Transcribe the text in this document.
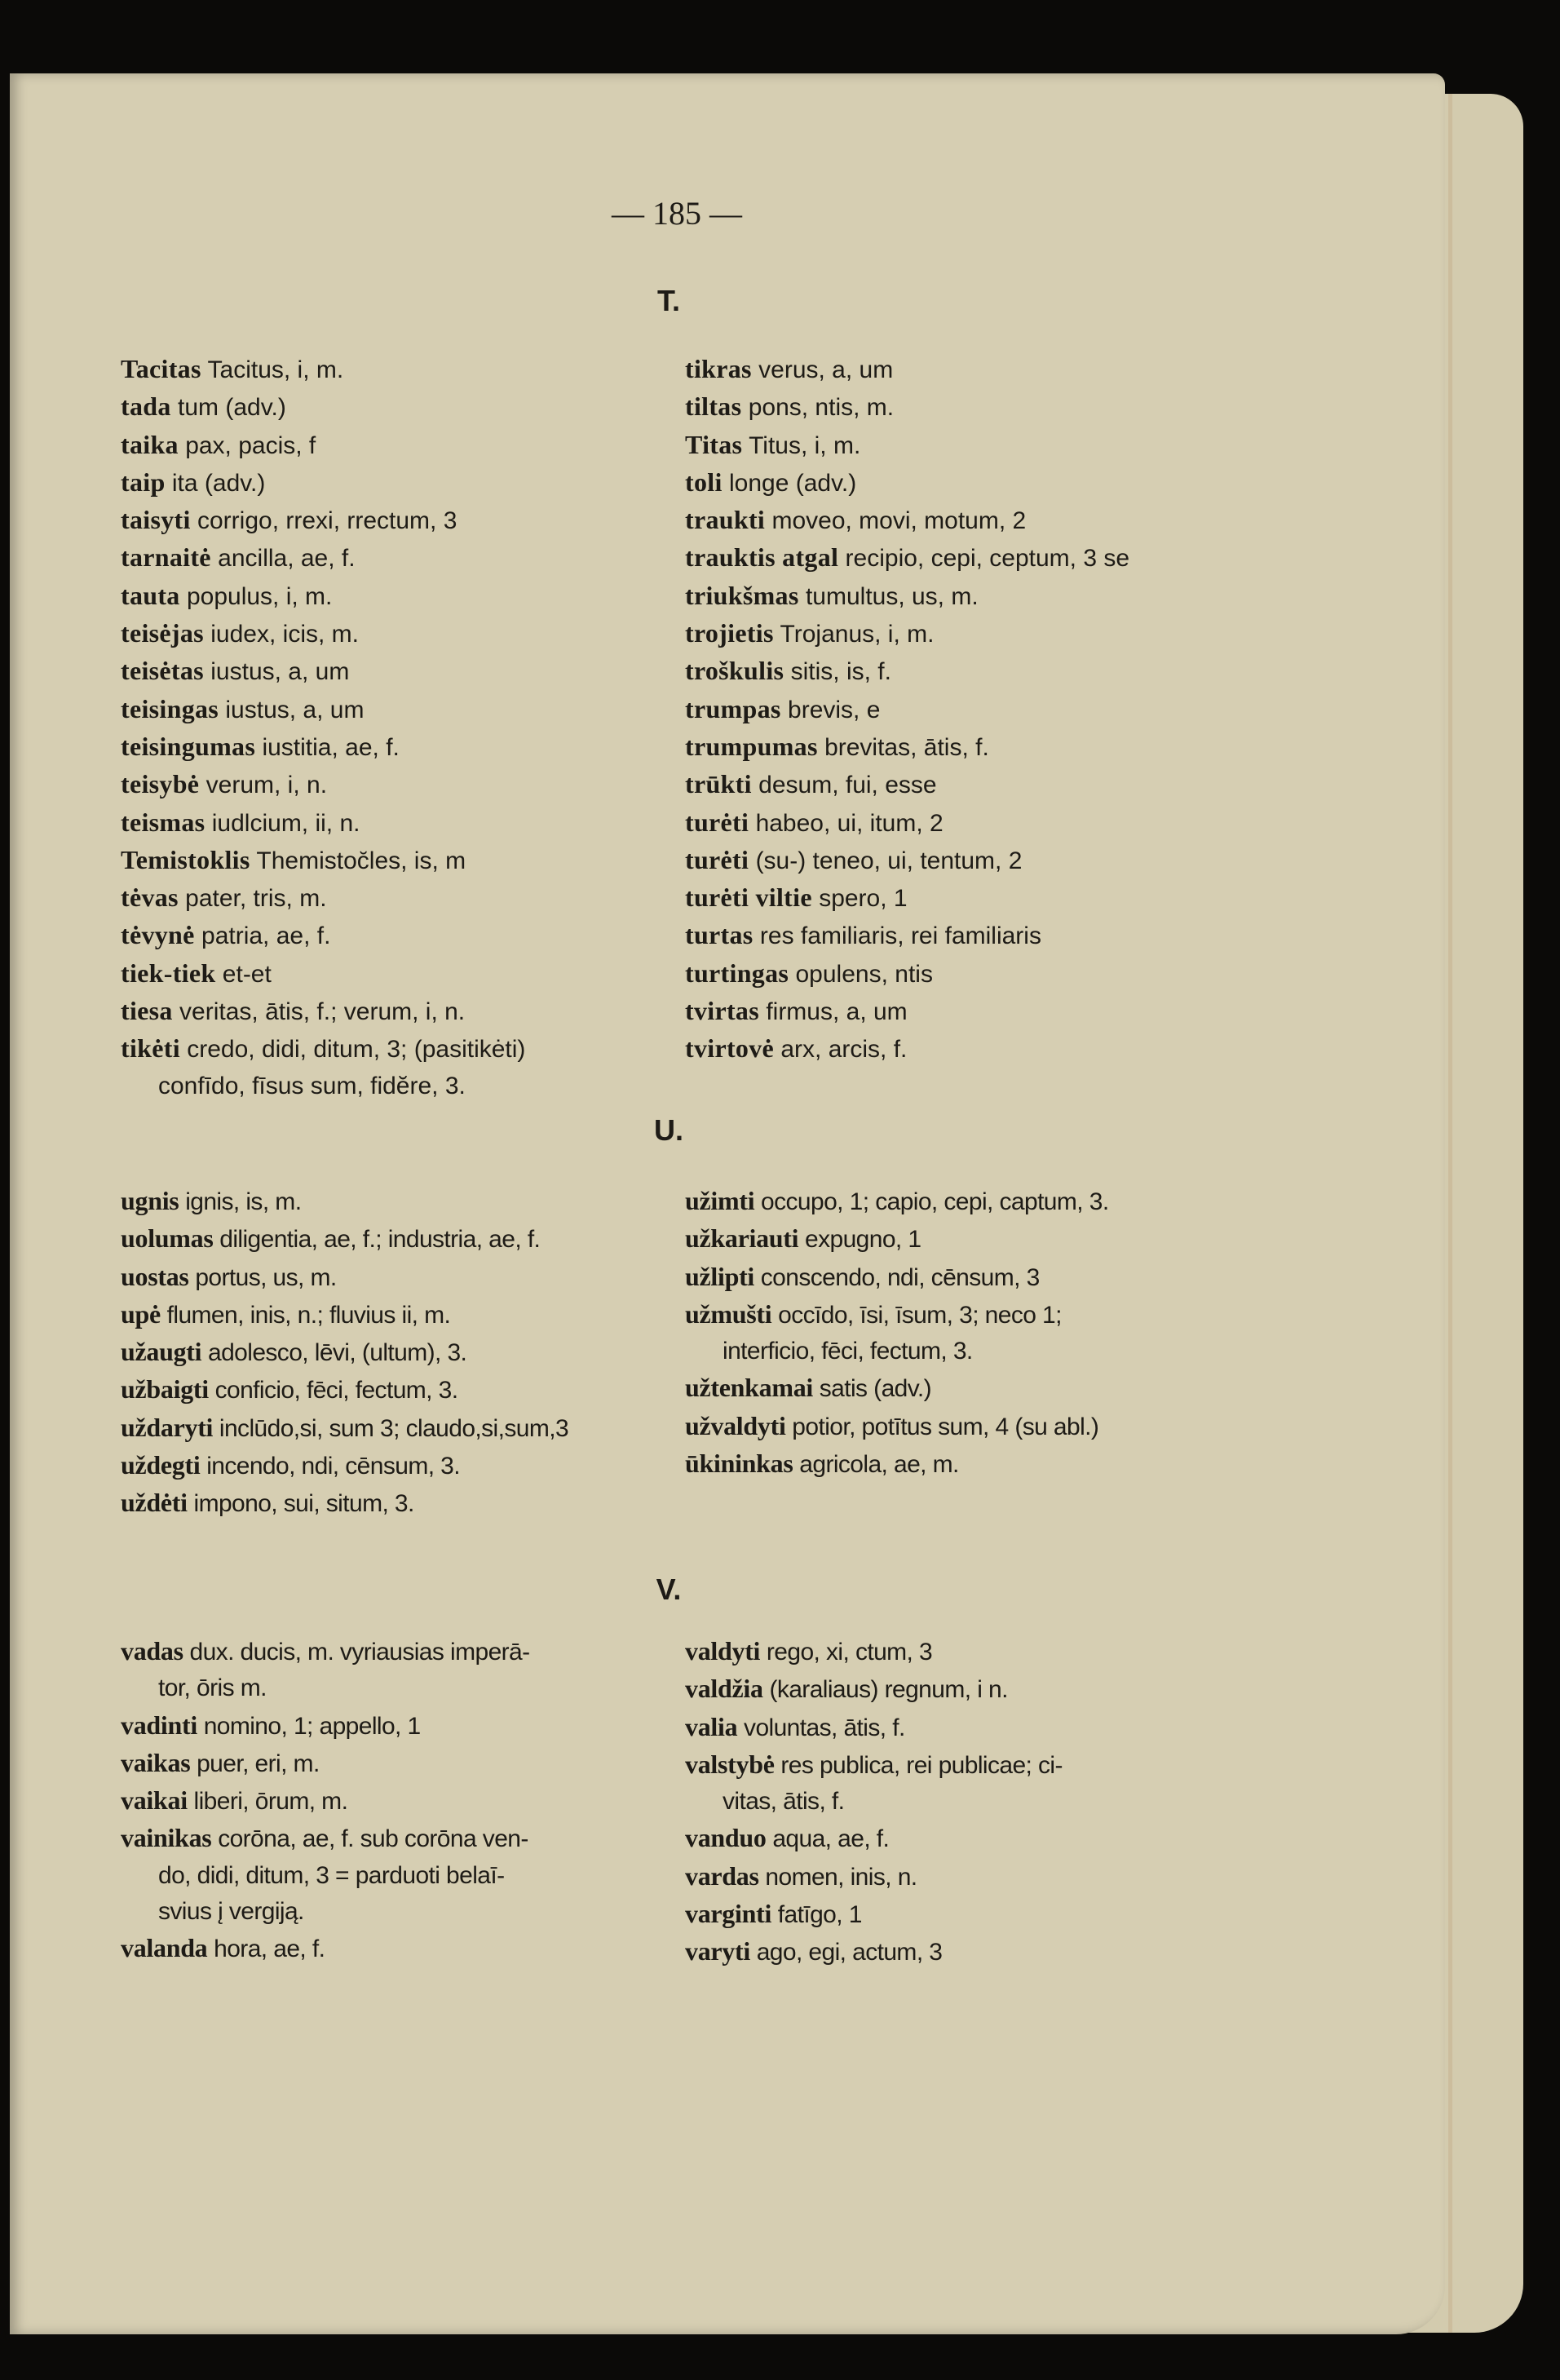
— 185 —
T.
Tacitas Tacitus, i, m.
tada tum (adv.)
taika pax, pacis, f
taip ita (adv.)
taisyti corrigo, rrexi, rrectum, 3
tarnaitė ancilla, ae, f.
tauta populus, i, m.
teisėjas iudex, icis, m.
teisėtas iustus, a, um
teisingas iustus, a, um
teisingumas iustitia, ae, f.
teisybė verum, i, n.
teismas iudlcium, ii, n.
Temistoklis Themistoc̆les, is, m
tėvas pater, tris, m.
tėvynė patria, ae, f.
tiek-tiek et-et
tiesa veritas, ātis, f.; verum, i, n.
tikėti credo, didi, ditum, 3; (pasitikėti)
confīdo, fīsus sum, fidĕre, 3.
tikras verus, a, um
tiltas pons, ntis, m.
Titas Titus, i, m.
toli longe (adv.)
traukti moveo, movi, motum, 2
trauktis atgal recipio, cepi, ceptum, 3 se
triukšmas tumultus, us, m.
trojietis Trojanus, i, m.
troškulis sitis, is, f.
trumpas brevis, e
trumpumas brevitas, ātis, f.
trūkti desum, fui, esse
turėti habeo, ui, itum, 2
turėti (su-) teneo, ui, tentum, 2
turėti viltie spero, 1
turtas res familiaris, rei familiaris
turtingas opulens, ntis
tvirtas firmus, a, um
tvirtovė arx, arcis, f.
U.
ugnis ignis, is, m.
uolumas diligentia, ae, f.; industria, ae, f.
uostas portus, us, m.
upė flumen, inis, n.; fluvius ii, m.
užaugti adolesco, lēvi, (ultum), 3.
užbaigti conficio, fēci, fectum, 3.
uždaryti inclūdo,si, sum 3; claudo,si,sum,3
uždegti incendo, ndi, cēnsum, 3.
uždėti impono, sui, situm, 3.
užimti occupo, 1; capio, cepi, captum, 3.
užkariauti expugno, 1
užlipti conscendo, ndi, cēnsum, 3
užmušti occīdo, īsi, īsum, 3; neco 1;
interficio, fēci, fectum, 3.
užtenkamai satis (adv.)
užvaldyti potior, potītus sum, 4 (su abl.)
ūkininkas agricola, ae, m.
V.
vadas dux. ducis, m. vyriausias imperā-
tor, ōris m.
vadinti nomino, 1; appello, 1
vaikas puer, eri, m.
vaikai liberi, ōrum, m.
vainikas corōna, ae, f. sub corōna ven-
do, didi, ditum, 3 = parduoti belaī-
svius į vergiją.
valanda hora, ae, f.
valdyti rego, xi, ctum, 3
valdžia (karaliaus) regnum, i n.
valia voluntas, ātis, f.
valstybė res publica, rei publicae; ci-
vitas, ātis, f.
vanduo aqua, ae, f.
vardas nomen, inis, n.
varginti fatīgo, 1
varyti ago, egi, actum, 3
